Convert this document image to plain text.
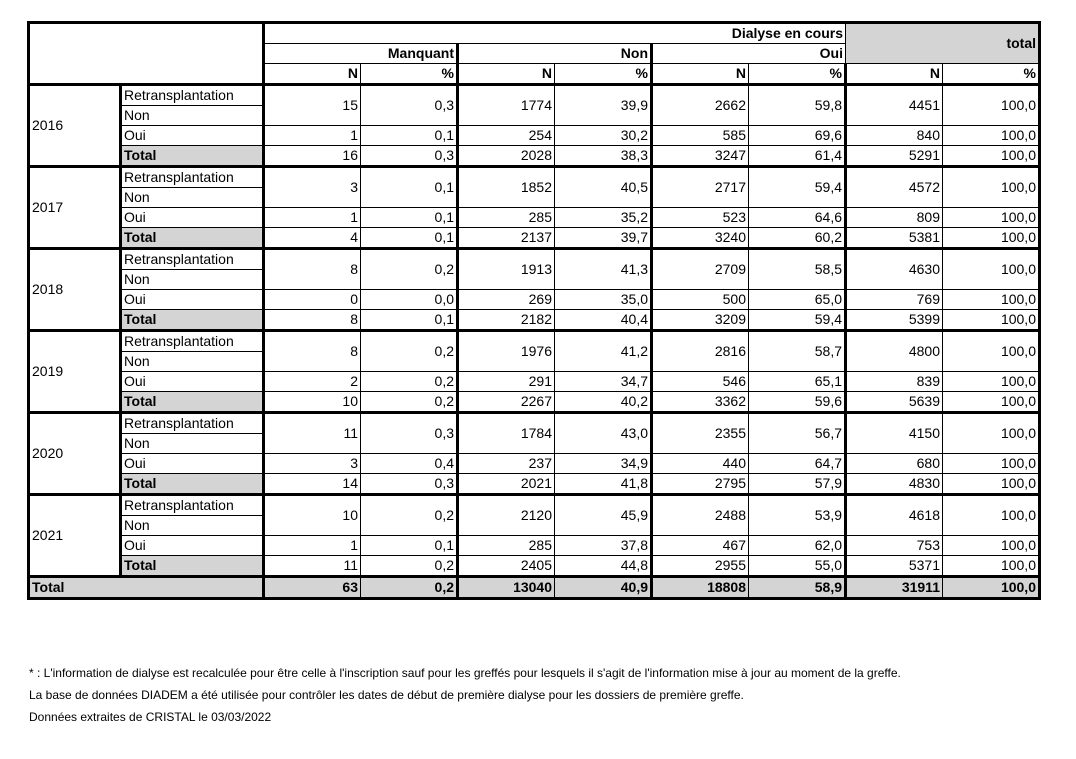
		Dialyse en cours						total	
		Manquant		Non		Oui			
		N	%	N	%	N	%	N	%
2016	Retransplantation	15	0,3	1774	39,9	2662	59,8	4451	100,0
	Non								
	Oui	1	0,1	254	30,2	585	69,6	840	100,0
	Total	16	0,3	2028	38,3	3247	61,4	5291	100,0
2017	Retransplantation	3	0,1	1852	40,5	2717	59,4	4572	100,0
	Non								
	Oui	1	0,1	285	35,2	523	64,6	809	100,0
	Total	4	0,1	2137	39,7	3240	60,2	5381	100,0
2018	Retransplantation	8	0,2	1913	41,3	2709	58,5	4630	100,0
	Non								
	Oui	0	0,0	269	35,0	500	65,0	769	100,0
	Total	8	0,1	2182	40,4	3209	59,4	5399	100,0
2019	Retransplantation	8	0,2	1976	41,2	2816	58,7	4800	100,0
	Non								
	Oui	2	0,2	291	34,7	546	65,1	839	100,0
	Total	10	0,2	2267	40,2	3362	59,6	5639	100,0
2020	Retransplantation	11	0,3	1784	43,0	2355	56,7	4150	100,0
	Non								
	Oui	3	0,4	237	34,9	440	64,7	680	100,0
	Total	14	0,3	2021	41,8	2795	57,9	4830	100,0
2021	Retransplantation	10	0,2	2120	45,9	2488	53,9	4618	100,0
	Non								
	Oui	1	0,1	285	37,8	467	62,0	753	100,0
	Total	11	0,2	2405	44,8	2955	55,0	5371	100,0
Total		63	0,2	13040	40,9	18808	58,9	31911	100,0
* : L'information de dialyse est recalculée pour être celle à l'inscription sauf pour les greffés pour lesquels il s'agit de l'information mise à jour au moment de la greffe.
La base de données DIADEM a été utilisée pour contrôler les dates de début de première dialyse pour les dossiers de première greffe.
Données extraites de CRISTAL le 03/03/2022
